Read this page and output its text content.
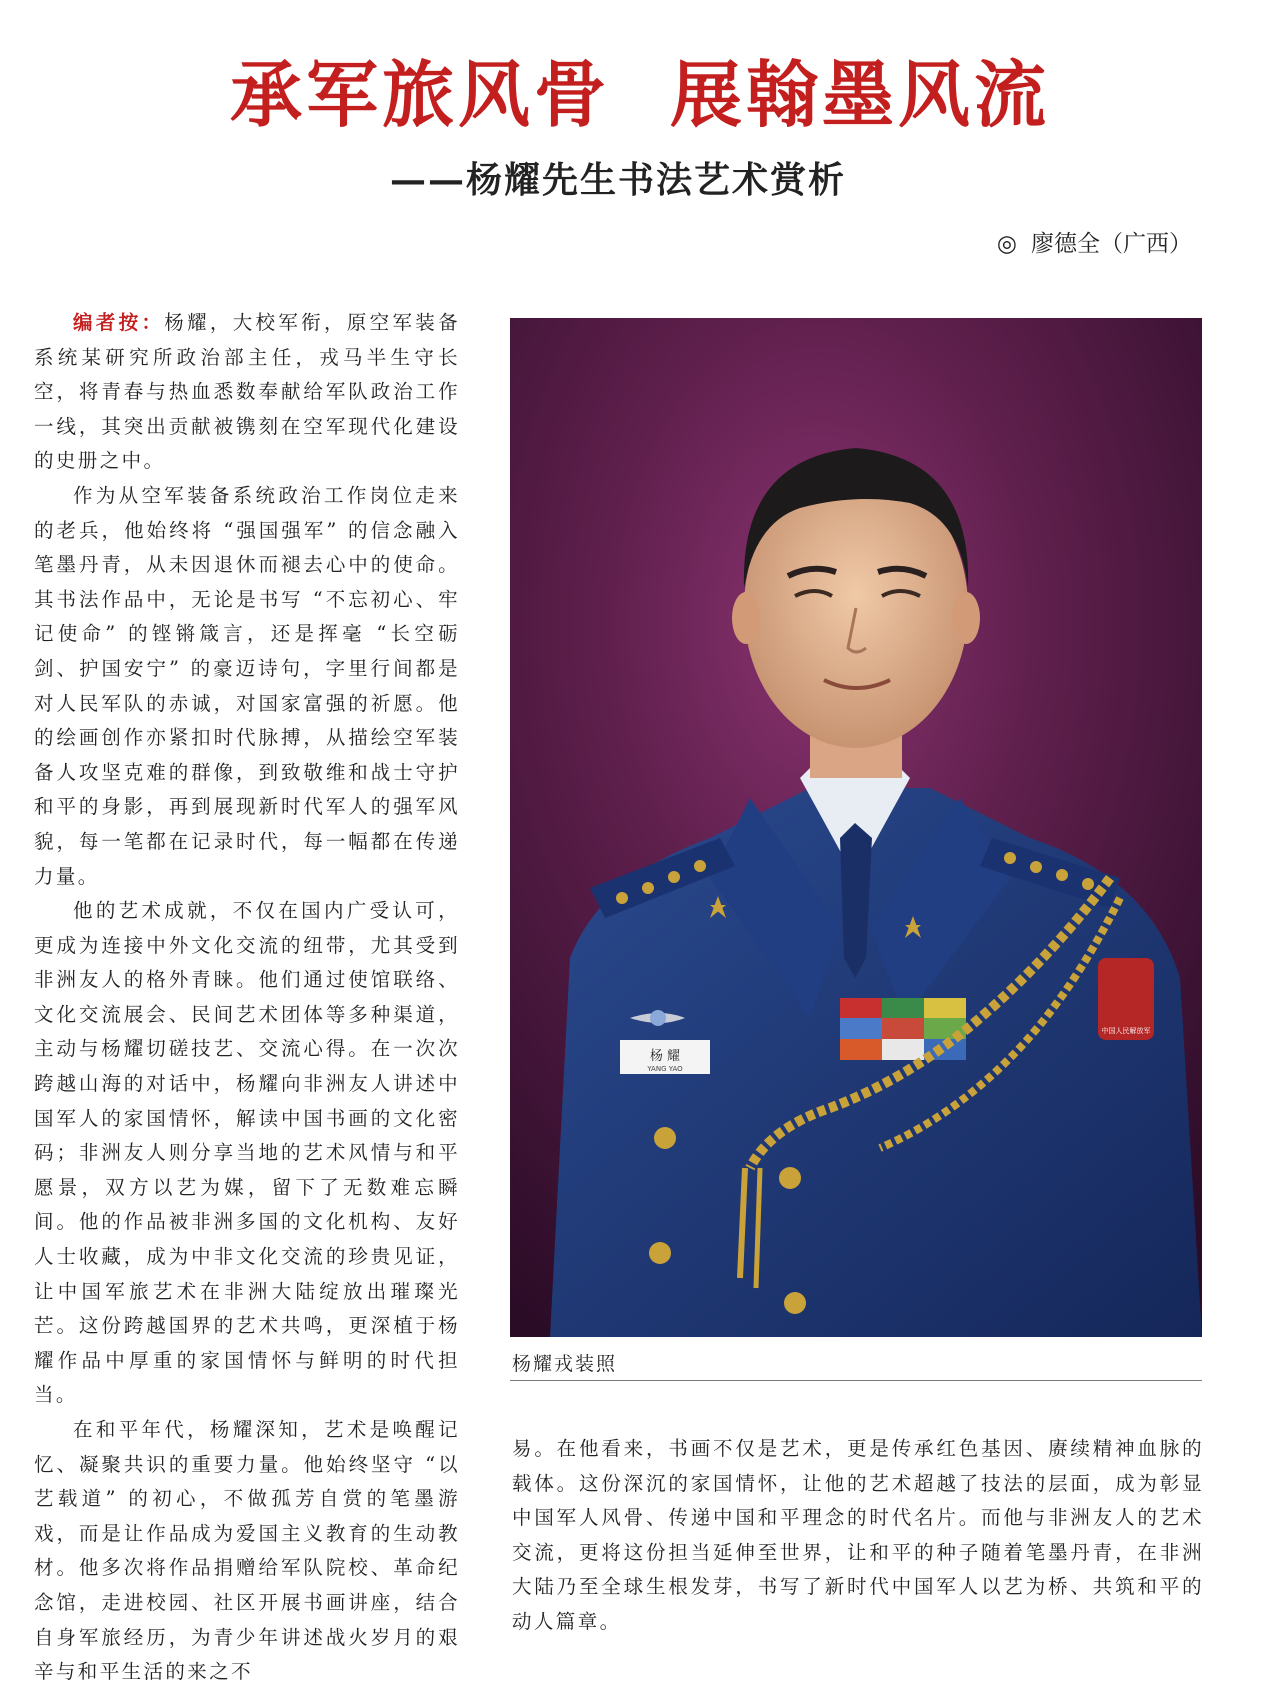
承军旅风骨 展翰墨风流
——杨耀先生书法艺术赏析
◎ 廖德全（广西）

编者按：杨耀，大校军衔，原空军装备系统某研究所政治部主任，戎马半生守长空，将青春与热血悉数奉献给军队政治工作一线，其突出贡献被镌刻在空军现代化建设的史册之中。

作为从空军装备系统政治工作岗位走来的老兵，他始终将 “强国强军” 的信念融入笔墨丹青，从未因退休而褪去心中的使命。其书法作品中，无论是书写 “不忘初心、牢记使命” 的铿锵箴言，还是挥毫 “长空砺剑、护国安宁” 的豪迈诗句，字里行间都是对人民军队的赤诚，对国家富强的祈愿。他的绘画创作亦紧扣时代脉搏，从描绘空军装备人攻坚克难的群像，到致敬维和战士守护和平的身影，再到展现新时代军人的强军风貌，每一笔都在记录时代，每一幅都在传递力量。

他的艺术成就，不仅在国内广受认可，更成为连接中外文化交流的纽带，尤其受到非洲友人的格外青睐。他们通过使馆联络、文化交流展会、民间艺术团体等多种渠道，主动与杨耀切磋技艺、交流心得。在一次次跨越山海的对话中，杨耀向非洲友人讲述中国军人的家国情怀，解读中国书画的文化密码；非洲友人则分享当地的艺术风情与和平愿景，双方以艺为媒，留下了无数难忘瞬间。他的作品被非洲多国的文化机构、友好人士收藏，成为中非文化交流的珍贵见证，让中国军旅艺术在非洲大陆绽放出璀璨光芒。这份跨越国界的艺术共鸣，更深植于杨耀作品中厚重的家国情怀与鲜明的时代担当。

在和平年代，杨耀深知，艺术是唤醒记忆、凝聚共识的重要力量。他始终坚守 “以艺载道” 的初心，不做孤芳自赏的笔墨游戏，而是让作品成为爱国主义教育的生动教材。他多次将作品捐赠给军队院校、革命纪念馆，走进校园、社区开展书画讲座，结合自身军旅经历，为青少年讲述战火岁月的艰辛与和平生活的来之不

杨 耀
YANG YAO
中国人民解放军
杨耀戎装照

易。在他看来，书画不仅是艺术，更是传承红色基因、赓续精神血脉的载体。这份深沉的家国情怀，让他的艺术超越了技法的层面，成为彰显中国军人风骨、传递中国和平理念的时代名片。而他与非洲友人的艺术交流，更将这份担当延伸至世界，让和平的种子随着笔墨丹青，在非洲大陆乃至全球生根发芽，书写了新时代中国军人以艺为桥、共筑和平的动人篇章。
